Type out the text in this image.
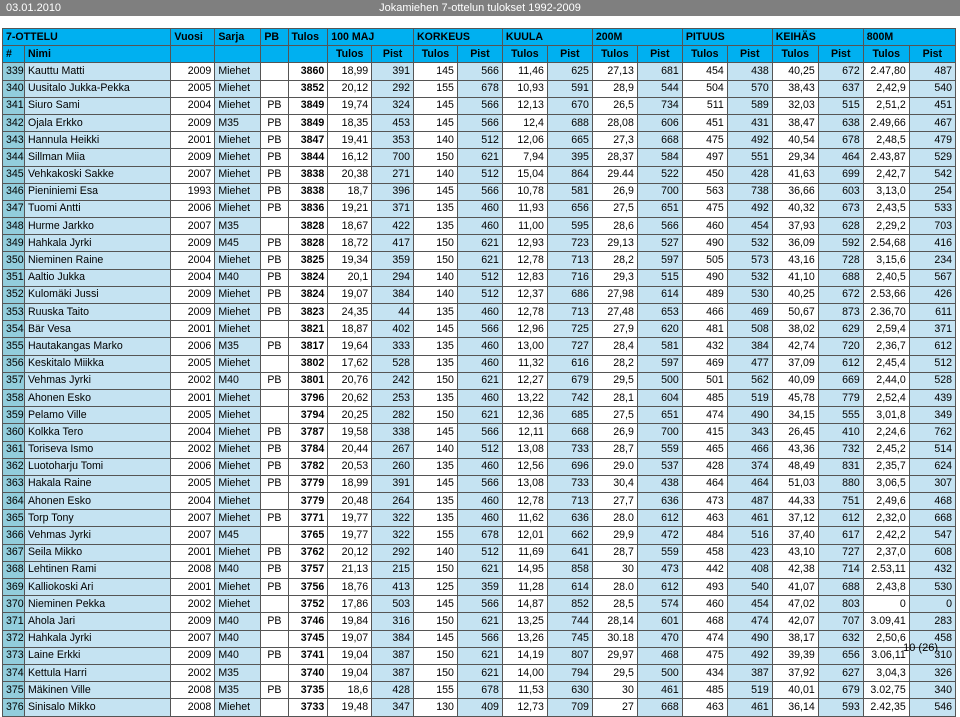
03.01.2010	Jokamiehen 7-ottelun tulokset 1992-2009
7-OTTELU		Vuosi	Sarja	PB	Tulos	100 MAJ		KORKEUS		KUULA		200M		PITUUS		KEIHÄS		800M	
#	Nimi					Tulos	Pist	Tulos	Pist	Tulos	Pist	Tulos	Pist	Tulos	Pist	Tulos	Pist	Tulos	Pist
339	Kauttu Matti	2009	Miehet		3860	18,99	391	145	566	11,46	625	27,13	681	454	438	40,25	672	2.47,80	487
340	Uusitalo Jukka-Pekka	2005	Miehet		3852	20,12	292	155	678	10,93	591	28,9	544	504	570	38,43	637	2,42,9	540
341	Siuro Sami	2004	Miehet	PB	3849	19,74	324	145	566	12,13	670	26,5	734	511	589	32,03	515	2,51,2	451
342	Ojala Erkko	2009	M35	PB	3849	18,35	453	145	566	12,4	688	28,08	606	451	431	38,47	638	2.49,66	467
343	Hannula Heikki	2001	Miehet	PB	3847	19,41	353	140	512	12,06	665	27,3	668	475	492	40,54	678	2,48,5	479
344	Sillman Miia	2009	Miehet	PB	3844	16,12	700	150	621	7,94	395	28,37	584	497	551	29,34	464	2.43,87	529
345	Vehkakoski Sakke	2007	Miehet	PB	3838	20,38	271	140	512	15,04	864	29.44	522	450	428	41,63	699	2,42,7	542
346	Pieniniemi Esa	1993	Miehet	PB	3838	18,7	396	145	566	10,78	581	26,9	700	563	738	36,66	603	3,13,0	254
347	Tuomi Antti	2006	Miehet	PB	3836	19,21	371	135	460	11,93	656	27,5	651	475	492	40,32	673	2,43,5	533
348	Hurme Jarkko	2007	M35		3828	18,67	422	135	460	11,00	595	28,6	566	460	454	37,93	628	2,29,2	703
349	Hahkala Jyrki	2009	M45	PB	3828	18,72	417	150	621	12,93	723	29,13	527	490	532	36,09	592	2.54,68	416
350	Nieminen Raine	2004	Miehet	PB	3825	19,34	359	150	621	12,78	713	28,2	597	505	573	43,16	728	3,15,6	234
351	Aaltio Jukka	2004	M40	PB	3824	20,1	294	140	512	12,83	716	29,3	515	490	532	41,10	688	2,40,5	567
352	Kulomäki Jussi	2009	Miehet	PB	3824	19,07	384	140	512	12,37	686	27,98	614	489	530	40,25	672	2.53,66	426
353	Ruuska Taito	2009	Miehet	PB	3823	24,35	44	135	460	12,78	713	27,48	653	466	469	50,67	873	2.36,70	611
354	Bär Vesa	2001	Miehet		3821	18,87	402	145	566	12,96	725	27,9	620	481	508	38,02	629	2,59,4	371
355	Hautakangas Marko	2006	M35	PB	3817	19,64	333	135	460	13,00	727	28,4	581	432	384	42,74	720	2,36,7	612
356	Keskitalo Miikka	2005	Miehet		3802	17,62	528	135	460	11,32	616	28,2	597	469	477	37,09	612	2,45,4	512
357	Vehmas Jyrki	2002	M40	PB	3801	20,76	242	150	621	12,27	679	29,5	500	501	562	40,09	669	2,44,0	528
358	Ahonen Esko	2001	Miehet		3796	20,62	253	135	460	13,22	742	28,1	604	485	519	45,78	779	2,52,4	439
359	Pelamo Ville	2005	Miehet		3794	20,25	282	150	621	12,36	685	27,5	651	474	490	34,15	555	3,01,8	349
360	Kolkka Tero	2004	Miehet	PB	3787	19,58	338	145	566	12,11	668	26,9	700	415	343	26,45	410	2,24,6	762
361	Toriseva Ismo	2002	Miehet	PB	3784	20,44	267	140	512	13,08	733	28,7	559	465	466	43,36	732	2,45,2	514
362	Luotoharju Tomi	2006	Miehet	PB	3782	20,53	260	135	460	12,56	696	29.0	537	428	374	48,49	831	2,35,7	624
363	Hakala Raine	2005	Miehet	PB	3779	18,99	391	145	566	13,08	733	30,4	438	464	464	51,03	880	3,06,5	307
364	Ahonen Esko	2004	Miehet		3779	20,48	264	135	460	12,78	713	27,7	636	473	487	44,33	751	2,49,6	468
365	Torp Tony	2007	Miehet	PB	3771	19,77	322	135	460	11,62	636	28.0	612	463	461	37,12	612	2,32,0	668
366	Vehmas Jyrki	2007	M45		3765	19,77	322	155	678	12,01	662	29,9	472	484	516	37,40	617	2,42,2	547
367	Seila Mikko	2001	Miehet	PB	3762	20,12	292	140	512	11,69	641	28,7	559	458	423	43,10	727	2,37,0	608
368	Lehtinen Rami	2008	M40	PB	3757	21,13	215	150	621	14,95	858	30	473	442	408	42,38	714	2.53,11	432
369	Kalliokoski Ari	2001	Miehet	PB	3756	18,76	413	125	359	11,28	614	28.0	612	493	540	41,07	688	2,43,8	530
370	Nieminen Pekka	2002	Miehet		3752	17,86	503	145	566	14,87	852	28,5	574	460	454	47,02	803	0	0
371	Ahola Jari	2009	M40	PB	3746	19,84	316	150	621	13,25	744	28,14	601	468	474	42,07	707	3.09,41	283
372	Hahkala Jyrki	2007	M40		3745	19,07	384	145	566	13,26	745	30.18	470	474	490	38,17	632	2,50,6	458
373	Laine Erkki	2009	M40	PB	3741	19,04	387	150	621	14,19	807	29,97	468	475	492	39,39	656	3.06,11	310
374	Kettula Harri	2002	M35		3740	19,04	387	150	621	14,00	794	29,5	500	434	387	37,92	627	3,04,3	326
375	Mäkinen Ville	2008	M35	PB	3735	18,6	428	155	678	11,53	630	30	461	485	519	40,01	679	3.02,75	340
376	Sinisalo Mikko	2008	Miehet		3733	19,48	347	130	409	12,73	709	27	668	463	461	36,14	593	2.42,35	546
10 (26)
